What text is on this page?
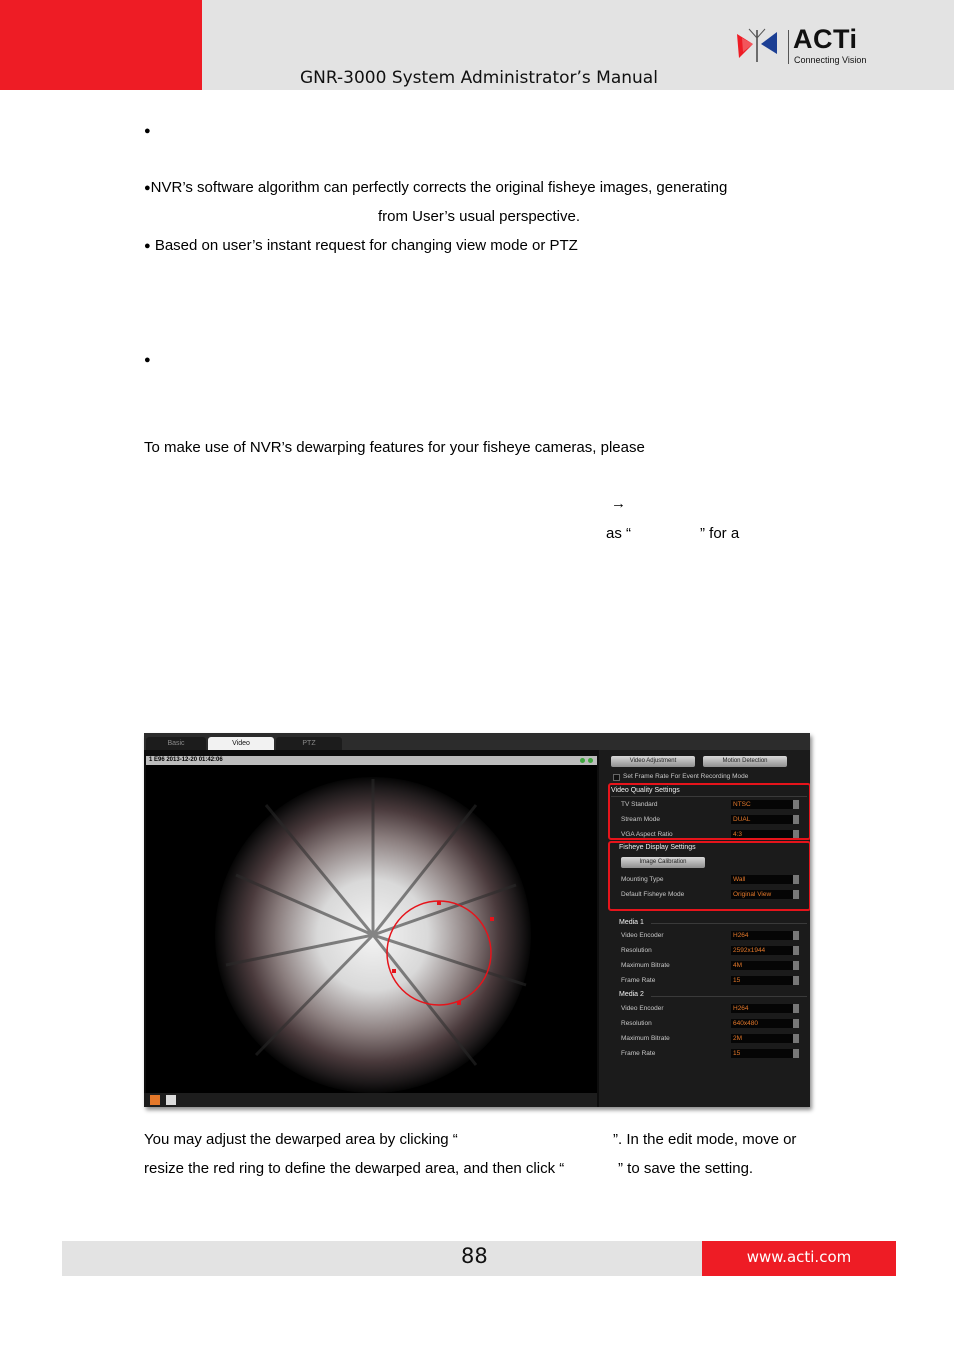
GNR-3000 System Administrator’s Manual
ACTi
Connecting Vision
●
●NVR’s software algorithm can perfectly corrects the original fisheye images, generating
from User’s usual perspective.
● Based on user’s instant request for changing view mode or PTZ
●
To make use of NVR’s dewarping features for your fisheye cameras, please
→
as “	” for a
Basic	Video	PTZ
1 E96 2013-12-20 01:42:06	Video Adjustment	Motion Detection
Set Frame Rate For Event Recording Mode
Video Quality Settings
TV Standard	NTSC
Stream Mode	DUAL
VGA Aspect Ratio	4:3
Fisheye Display Settings
Image Calibration
Mounting Type	Wall
Default Fisheye Mode	Original View
Media 1
Video Encoder	H264
Resolution	2592x1944
Maximum Bitrate	4M
Frame Rate	15
Media 2
Video Encoder	H264
Resolution	640x480
Maximum Bitrate	2M
Frame Rate	15
You may adjust the dewarped area by clicking “	”. In the edit mode, move or
resize the red ring to define the dewarped area, and then click “	” to save the setting.
88	www.acti.com
